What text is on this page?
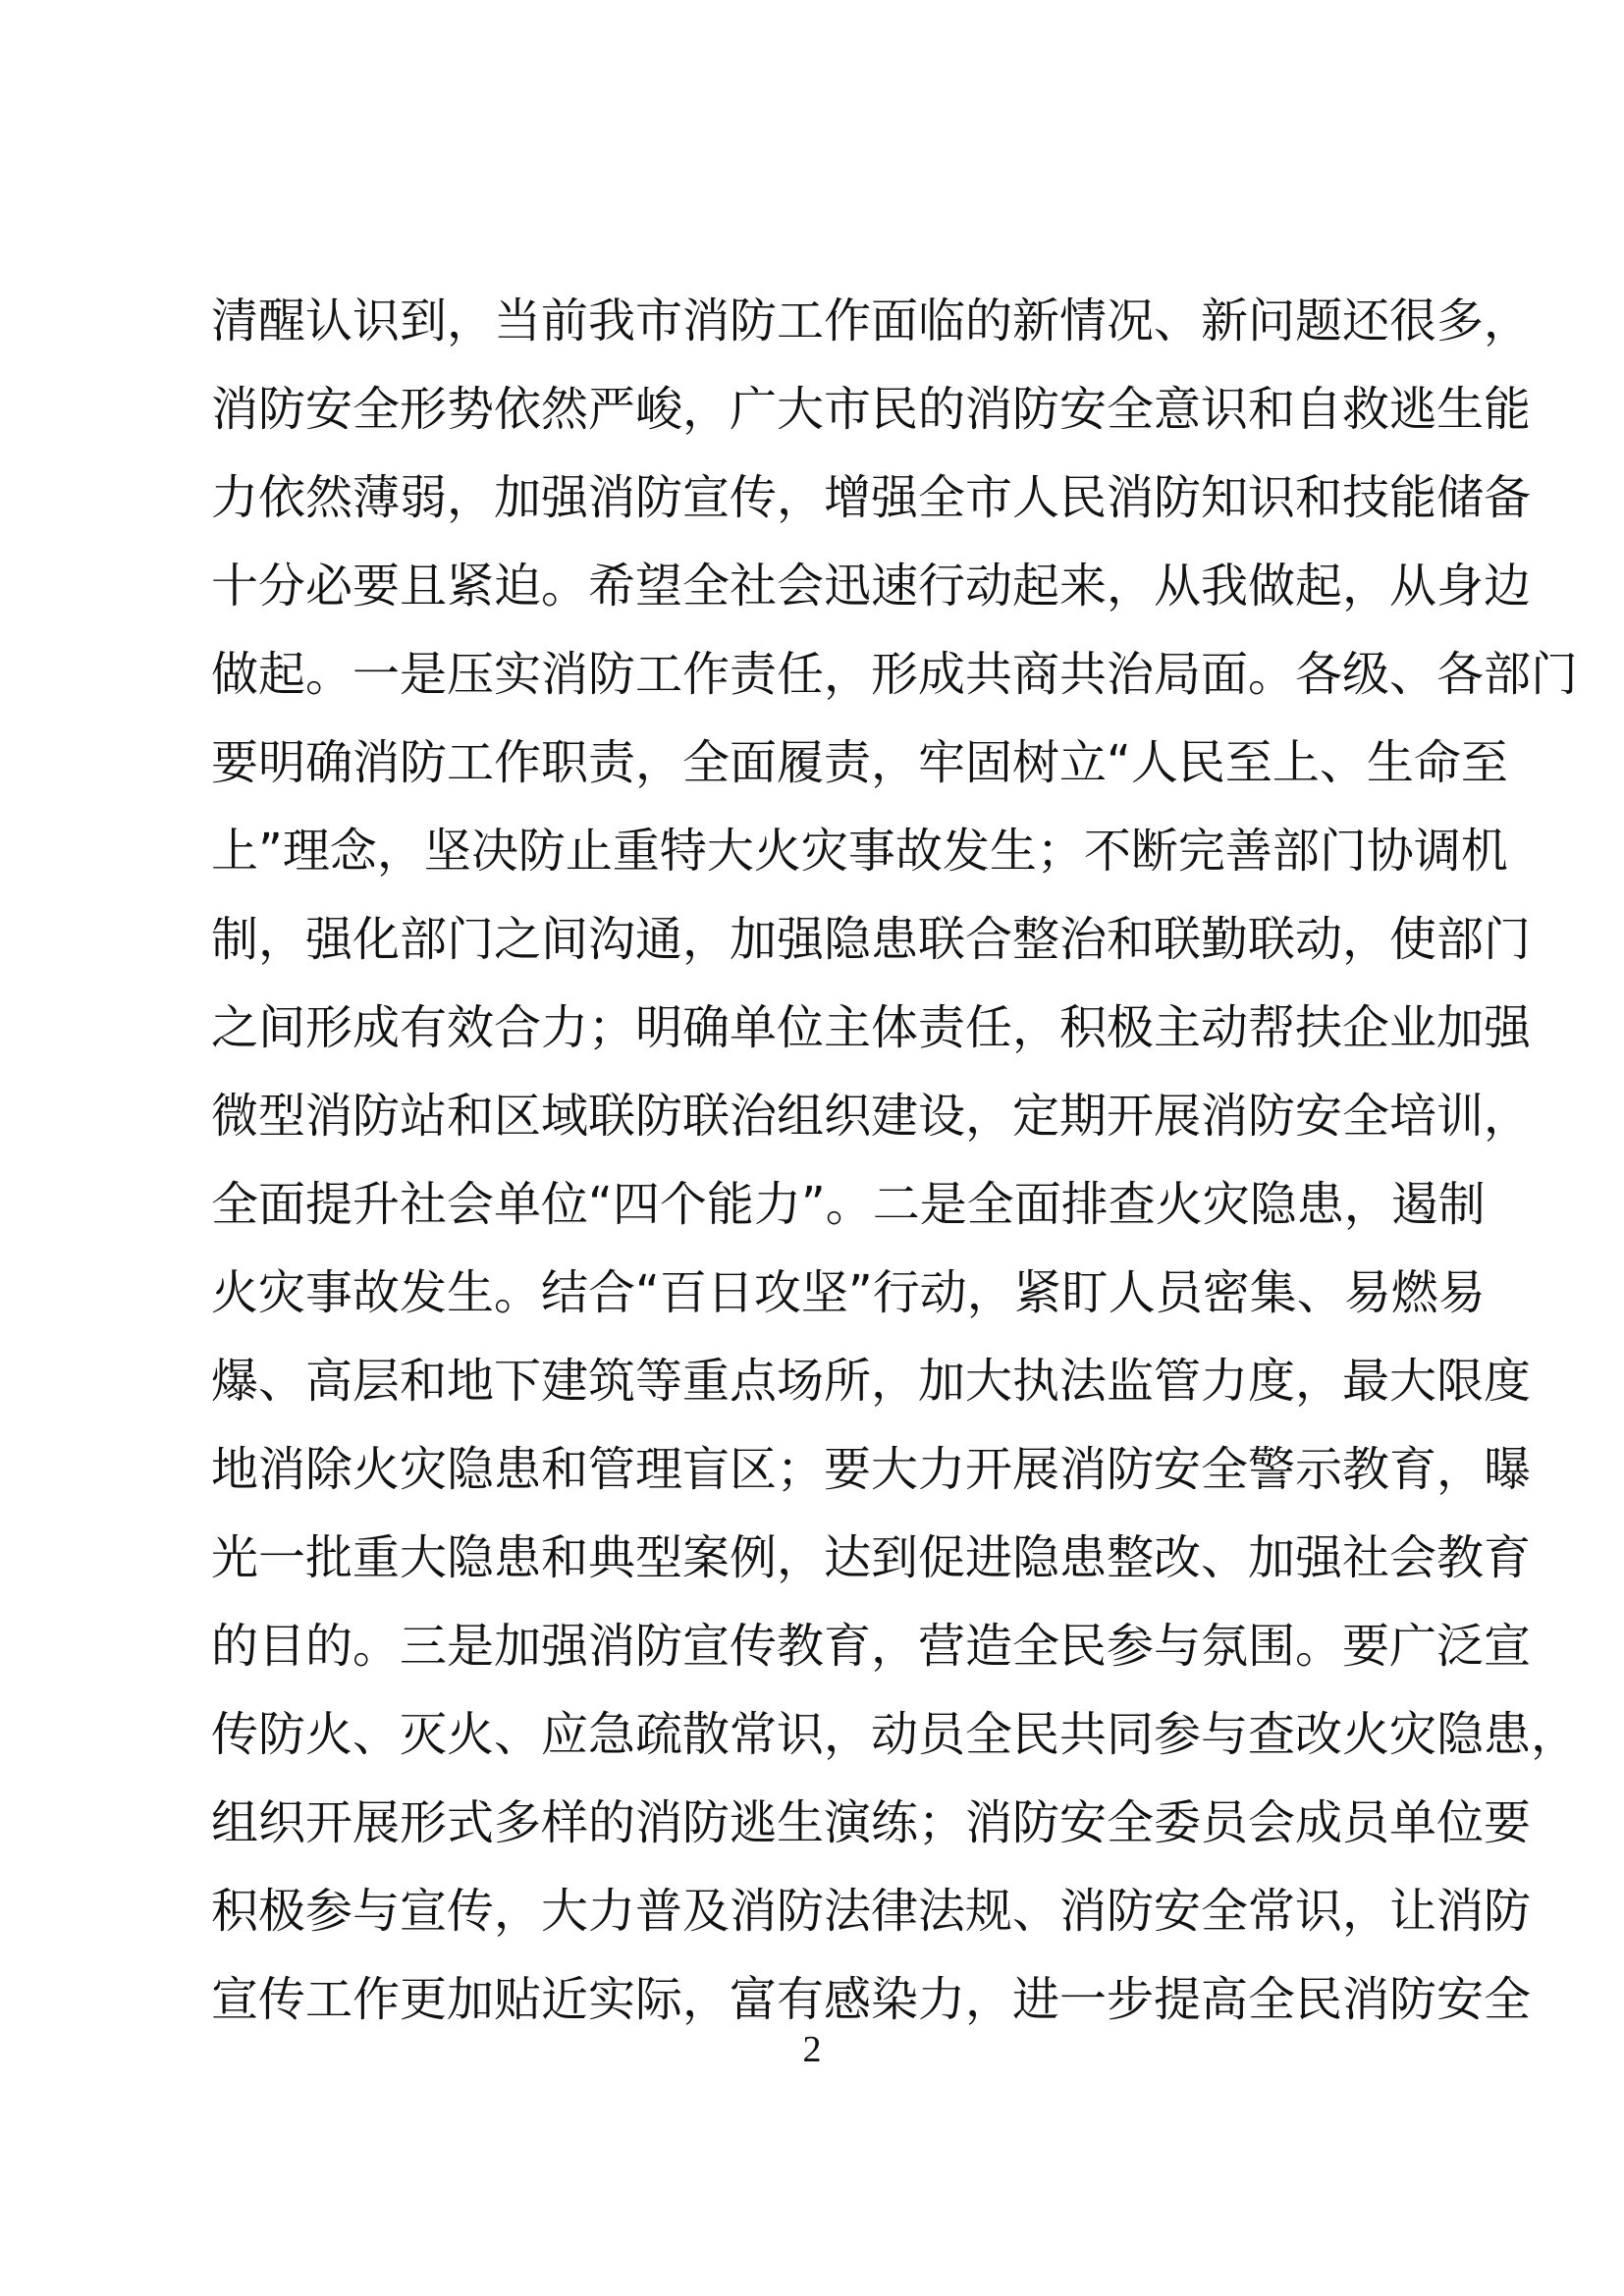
清醒认识到，当前我市消防工作面临的新情况、新问题还很多，
消防安全形势依然严峻，广大市民的消防安全意识和自救逃生能
力依然薄弱，加强消防宣传，增强全市人民消防知识和技能储备
十分必要且紧迫。希望全社会迅速行动起来，从我做起，从身边
做起。一是压实消防工作责任，形成共商共治局面。各级、各部门
要明确消防工作职责，全面履责，牢固树立“人民至上、生命至
上”理念，坚决防止重特大火灾事故发生；不断完善部门协调机
制，强化部门之间沟通，加强隐患联合整治和联勤联动，使部门
之间形成有效合力；明确单位主体责任，积极主动帮扶企业加强
微型消防站和区域联防联治组织建设，定期开展消防安全培训，
全面提升社会单位“四个能力”。二是全面排查火灾隐患，遏制
火灾事故发生。结合“百日攻坚”行动，紧盯人员密集、易燃易
爆、高层和地下建筑等重点场所，加大执法监管力度，最大限度
地消除火灾隐患和管理盲区；要大力开展消防安全警示教育，曝
光一批重大隐患和典型案例，达到促进隐患整改、加强社会教育
的目的。三是加强消防宣传教育，营造全民参与氛围。要广泛宣
传防火、灭火、应急疏散常识，动员全民共同参与查改火灾隐患，
组织开展形式多样的消防逃生演练；消防安全委员会成员单位要
积极参与宣传，大力普及消防法律法规、消防安全常识，让消防
宣传工作更加贴近实际，富有感染力，进一步提高全民消防安全
2
